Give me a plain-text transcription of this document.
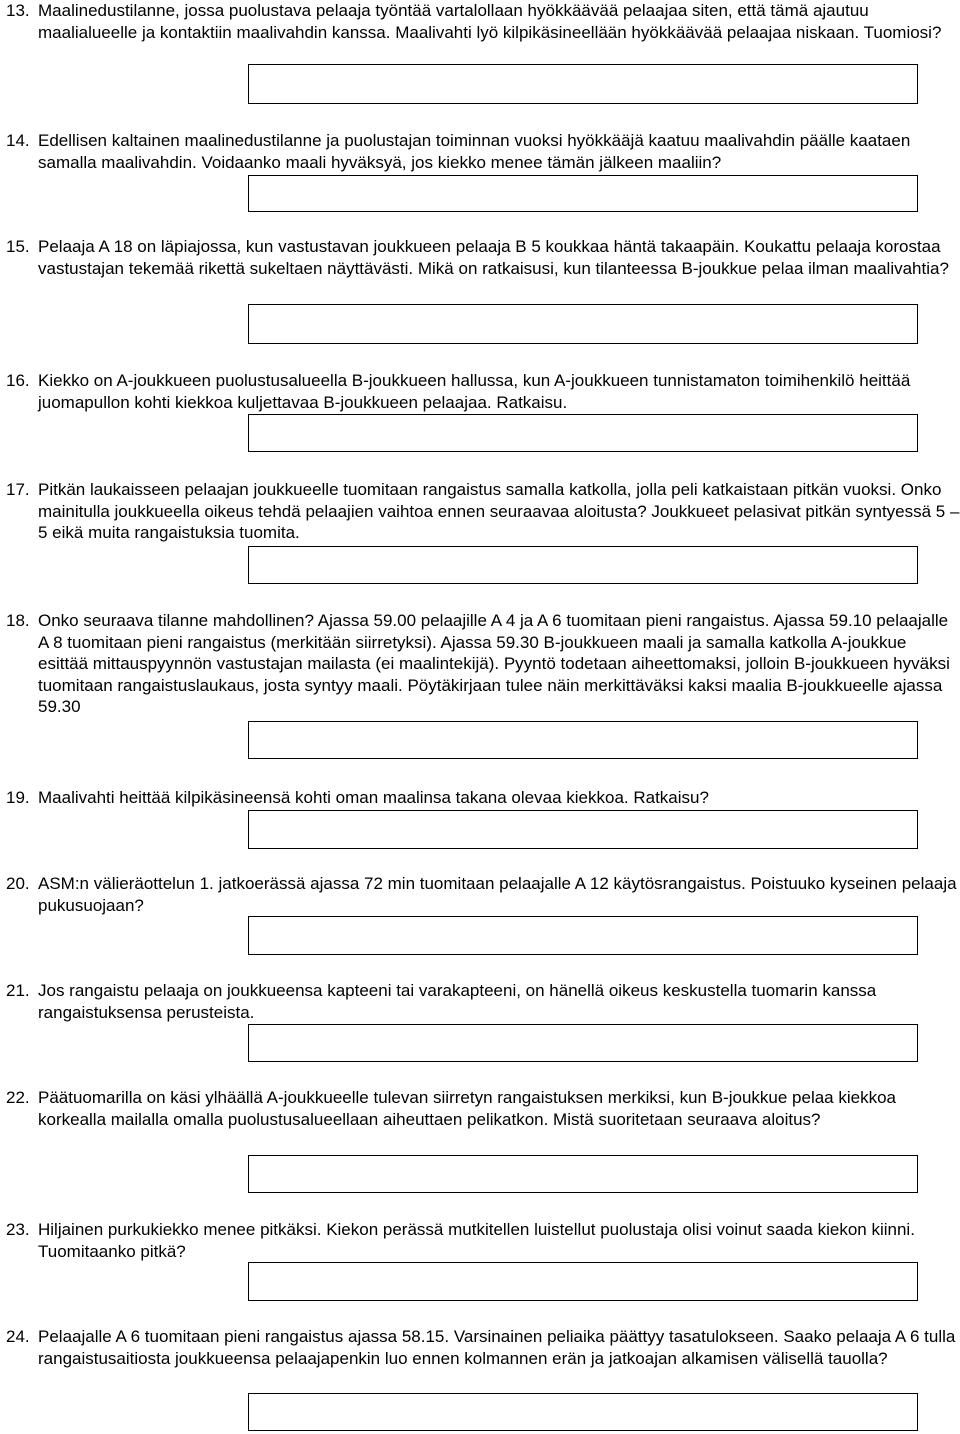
13. Maalinedustilanne, jossa puolustava pelaaja työntää vartalollaan hyökkäävää pelaajaa siten, että tämä ajautuu maalialueelle ja kontaktiin maalivahdin kanssa. Maalivahti lyö kilpikäsineellään hyökkäävää pelaajaa niskaan. Tuomiosi?
14. Edellisen kaltainen maalinedustilanne ja puolustajan toiminnan vuoksi hyökkääjä kaatuu maalivahdin päälle kaataen samalla maalivahdin. Voidaanko maali hyväksyä, jos kiekko menee tämän jälkeen maaliin?
15. Pelaaja A 18 on läpiajossa, kun vastustavan joukkueen pelaaja B 5 koukkaa häntä takaapäin. Koukattu pelaaja korostaa vastustajan tekemää rikettä sukeltaen näyttävästi. Mikä on ratkaisusi, kun tilanteessa B-joukkue pelaa ilman maalivahtia?
16. Kiekko on A-joukkueen puolustusalueella B-joukkueen hallussa, kun A-joukkueen tunnistamaton toimihenkilö heittää juomapullon kohti kiekkoa kuljettavaa B-joukkueen pelaajaa. Ratkaisu.
17. Pitkän laukaisseen pelaajan joukkueelle tuomitaan rangaistus samalla katkolla, jolla peli katkaistaan pitkän vuoksi. Onko mainitulla joukkueella oikeus tehdä pelaajien vaihtoa ennen seuraavaa aloitusta? Joukkueet pelasivat pitkän syntyessä 5 – 5 eikä muita rangaistuksia tuomita.
18. Onko seuraava tilanne mahdollinen? Ajassa 59.00 pelaajille A 4 ja A 6 tuomitaan pieni rangaistus. Ajassa 59.10 pelaajalle A 8 tuomitaan pieni rangaistus (merkitään siirretyksi). Ajassa 59.30 B-joukkueen maali ja samalla katkolla A-joukkue esittää mittauspyynnön vastustajan mailasta (ei maalintekijä). Pyyntö todetaan aiheettomaksi, jolloin B-joukkueen hyväksi tuomitaan rangaistuslaukaus, josta syntyy maali. Pöytäkirjaan tulee näin merkittäväksi kaksi maalia B-joukkueelle ajassa 59.30
19. Maalivahti heittää kilpikäsineensä kohti oman maalinsa takana olevaa kiekkoa. Ratkaisu?
20. ASM:n välieräottelun 1. jatkoerässä ajassa 72 min tuomitaan pelaajalle A 12 käytösrangaistus. Poistuuko kyseinen pelaaja pukusuojaan?
21. Jos rangaistu pelaaja on joukkueensa kapteeni tai varakapteeni, on hänellä oikeus keskustella tuomarin kanssa rangaistuksensa perusteista.
22. Päätuomarilla on käsi ylhäällä A-joukkueelle tulevan siirretyn rangaistuksen merkiksi, kun B-joukkue pelaa kiekkoa korkealla mailalla omalla puolustusalueellaan aiheuttaen pelikatkon. Mistä suoritetaan seuraava aloitus?
23. Hiljainen purkukiekko menee pitkäksi. Kiekon perässä mutkitellen luistellut puolustaja olisi voinut saada kiekon kiinni. Tuomitaanko pitkä?
24. Pelaajalle A 6 tuomitaan pieni rangaistus ajassa 58.15. Varsinainen peliaika päättyy tasatulokseen. Saako pelaaja A 6 tulla rangaistusaitiosta joukkueensa pelaajapenkin luo ennen kolmannen erän ja jatkoajan alkamisen välisellä tauolla?
